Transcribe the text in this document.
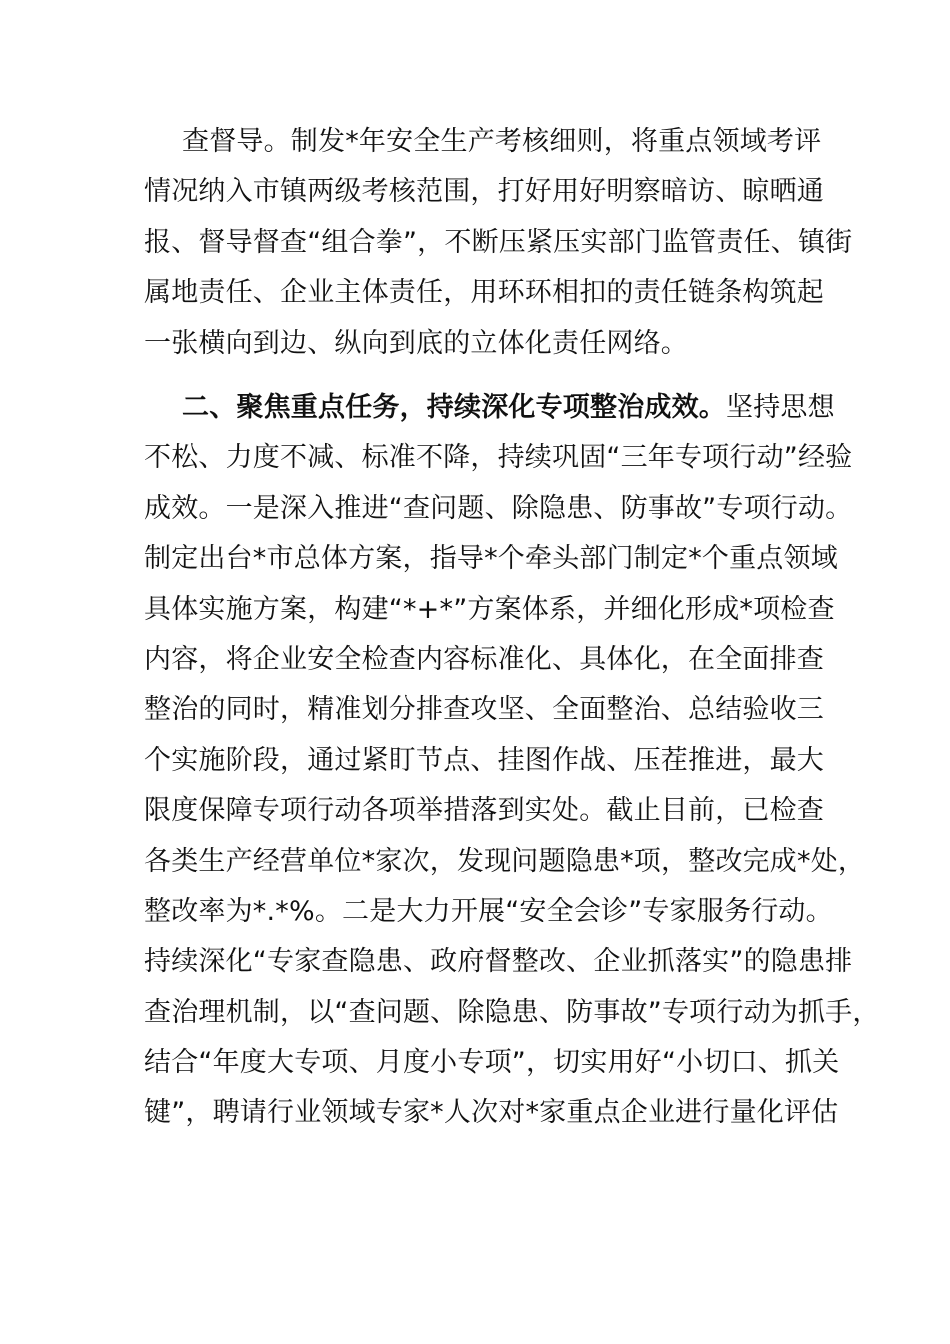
查督导。制发*年安全生产考核细则，将重点领域考评
情况纳入市镇两级考核范围，打好用好明察暗访、晾晒通
报、督导督查“组合拳”，不断压紧压实部门监管责任、镇街
属地责任、企业主体责任，用环环相扣的责任链条构筑起
一张横向到边、纵向到底的立体化责任网络。
二、聚焦重点任务，持续深化专项整治成效。坚持思想
不松、力度不减、标准不降，持续巩固“三年专项行动”经验
成效。一是深入推进“查问题、除隐患、防事故”专项行动。
制定出台*市总体方案，指导*个牵头部门制定*个重点领域
具体实施方案，构建“*+*”方案体系，并细化形成*项检查
内容，将企业安全检查内容标准化、具体化，在全面排查
整治的同时，精准划分排查攻坚、全面整治、总结验收三
个实施阶段，通过紧盯节点、挂图作战、压茬推进，最大
限度保障专项行动各项举措落到实处。截止目前，已检查
各类生产经营单位*家次，发现问题隐患*项，整改完成*处，
整改率为*.*%。二是大力开展“安全会诊”专家服务行动。
持续深化“专家查隐患、政府督整改、企业抓落实”的隐患排
查治理机制，以“查问题、除隐患、防事故”专项行动为抓手，
结合“年度大专项、月度小专项”，切实用好“小切口、抓关
键”，聘请行业领域专家*人次对*家重点企业进行量化评估
